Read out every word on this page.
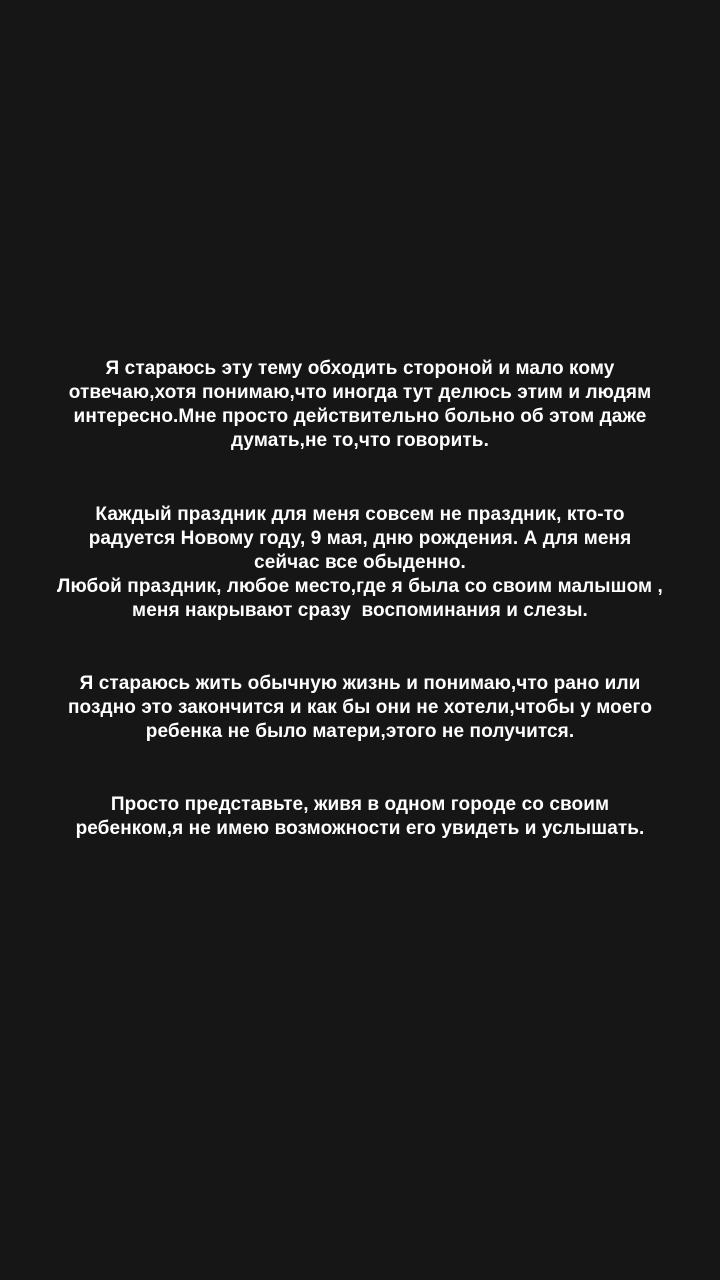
Я стараюсь эту тему обходить стороной и мало кому
отвечаю,хотя понимаю,что иногда тут делюсь этим и людям
интересно.Мне просто действительно больно об этом даже
думать,не то,что говорить.

Каждый праздник для меня совсем не праздник, кто-то
радуется Новому году, 9 мая, дню рождения. А для меня
сейчас все обыденно.
Любой праздник, любое место,где я была со своим малышом ,
меня накрывают сразу  воспоминания и слезы.

Я стараюсь жить обычную жизнь и понимаю,что рано или
поздно это закончится и как бы они не хотели,чтобы у моего
ребенка не было матери,этого не получится.

Просто представьте, живя в одном городе со своим
ребенком,я не имею возможности его увидеть и услышать.
